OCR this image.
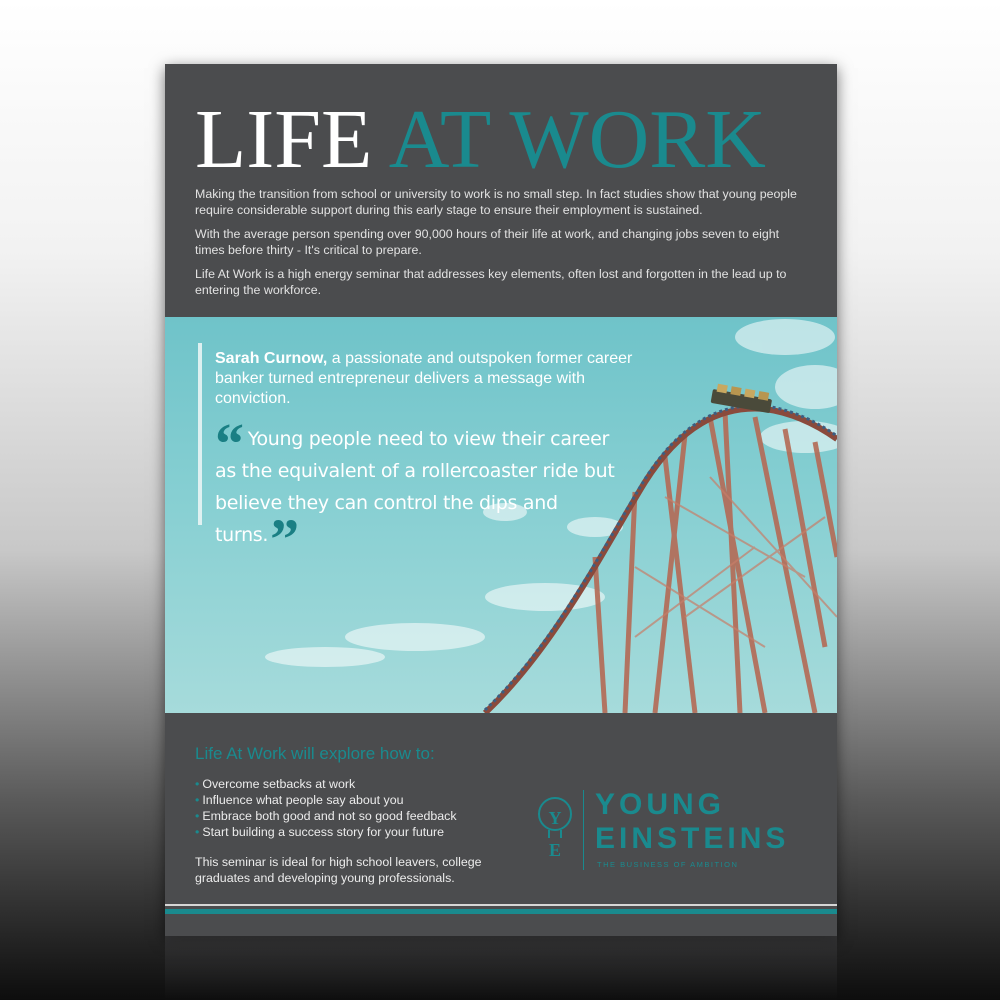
LIFE AT WORK

Making the transition from school or university to work is no small step. In fact studies show that young people require considerable support during this early stage to ensure their employment is sustained.

With the average person spending over 90,000 hours of their life at work, and changing jobs seven to eight times before thirty - It's critical to prepare.

Life At Work is a high energy seminar that addresses key elements, often lost and forgotten in the lead up to entering the workforce.

Sarah Curnow, a passionate and outspoken former career banker turned entrepreneur delivers a message with conviction.
“ Young people need to view their career as the equivalent of a rollercoaster ride but believe they can control the dips and turns.”
Life At Work will explore how to:
• Overcome setbacks at work
• Influence what people say about you
• Embrace both good and not so good feedback
• Start building a success story for your future
This seminar is ideal for high school leavers, college graduates and developing young professionals.
Y
E
YOUNG
EINSTEINS
THE BUSINESS OF AMBITION
